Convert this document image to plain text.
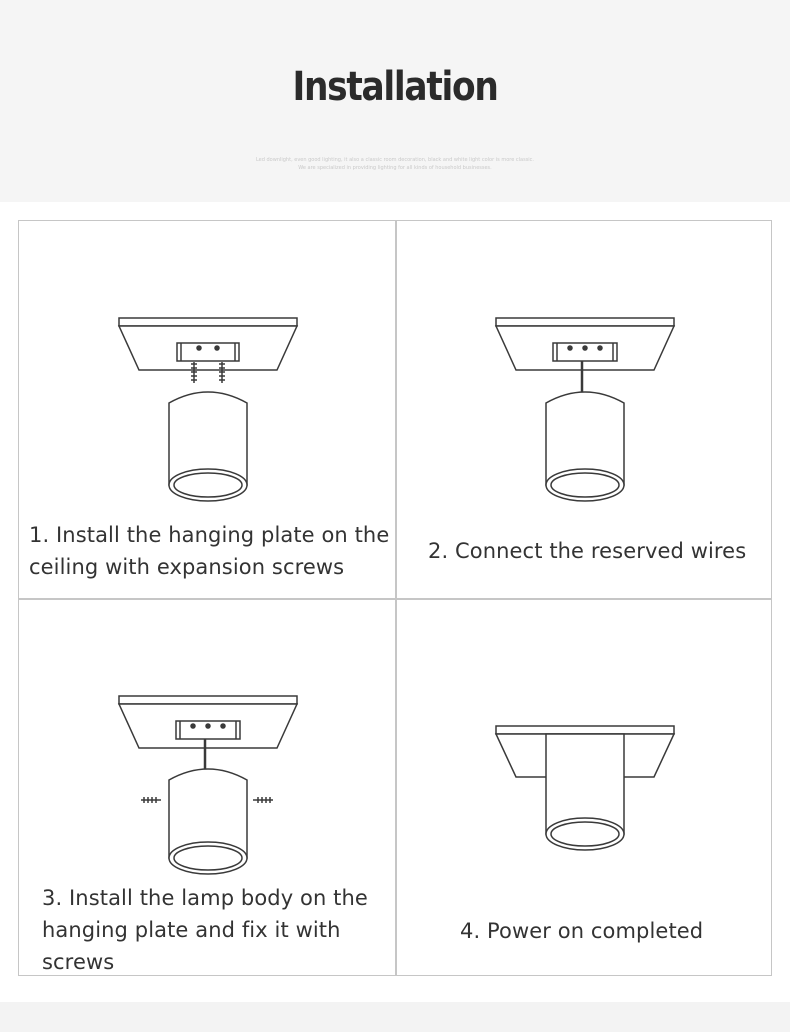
Installation
Led downlight, even good lighting, it also a classic room decoration, black and white light color is more classic.
We are specialized in providing lighting for all kinds of household businesses.
1. Install the hanging plate on the ceiling with expansion screws
2. Connect the reserved wires
3. Install the lamp body on the hanging plate and fix it with screws
4. Power on completed
